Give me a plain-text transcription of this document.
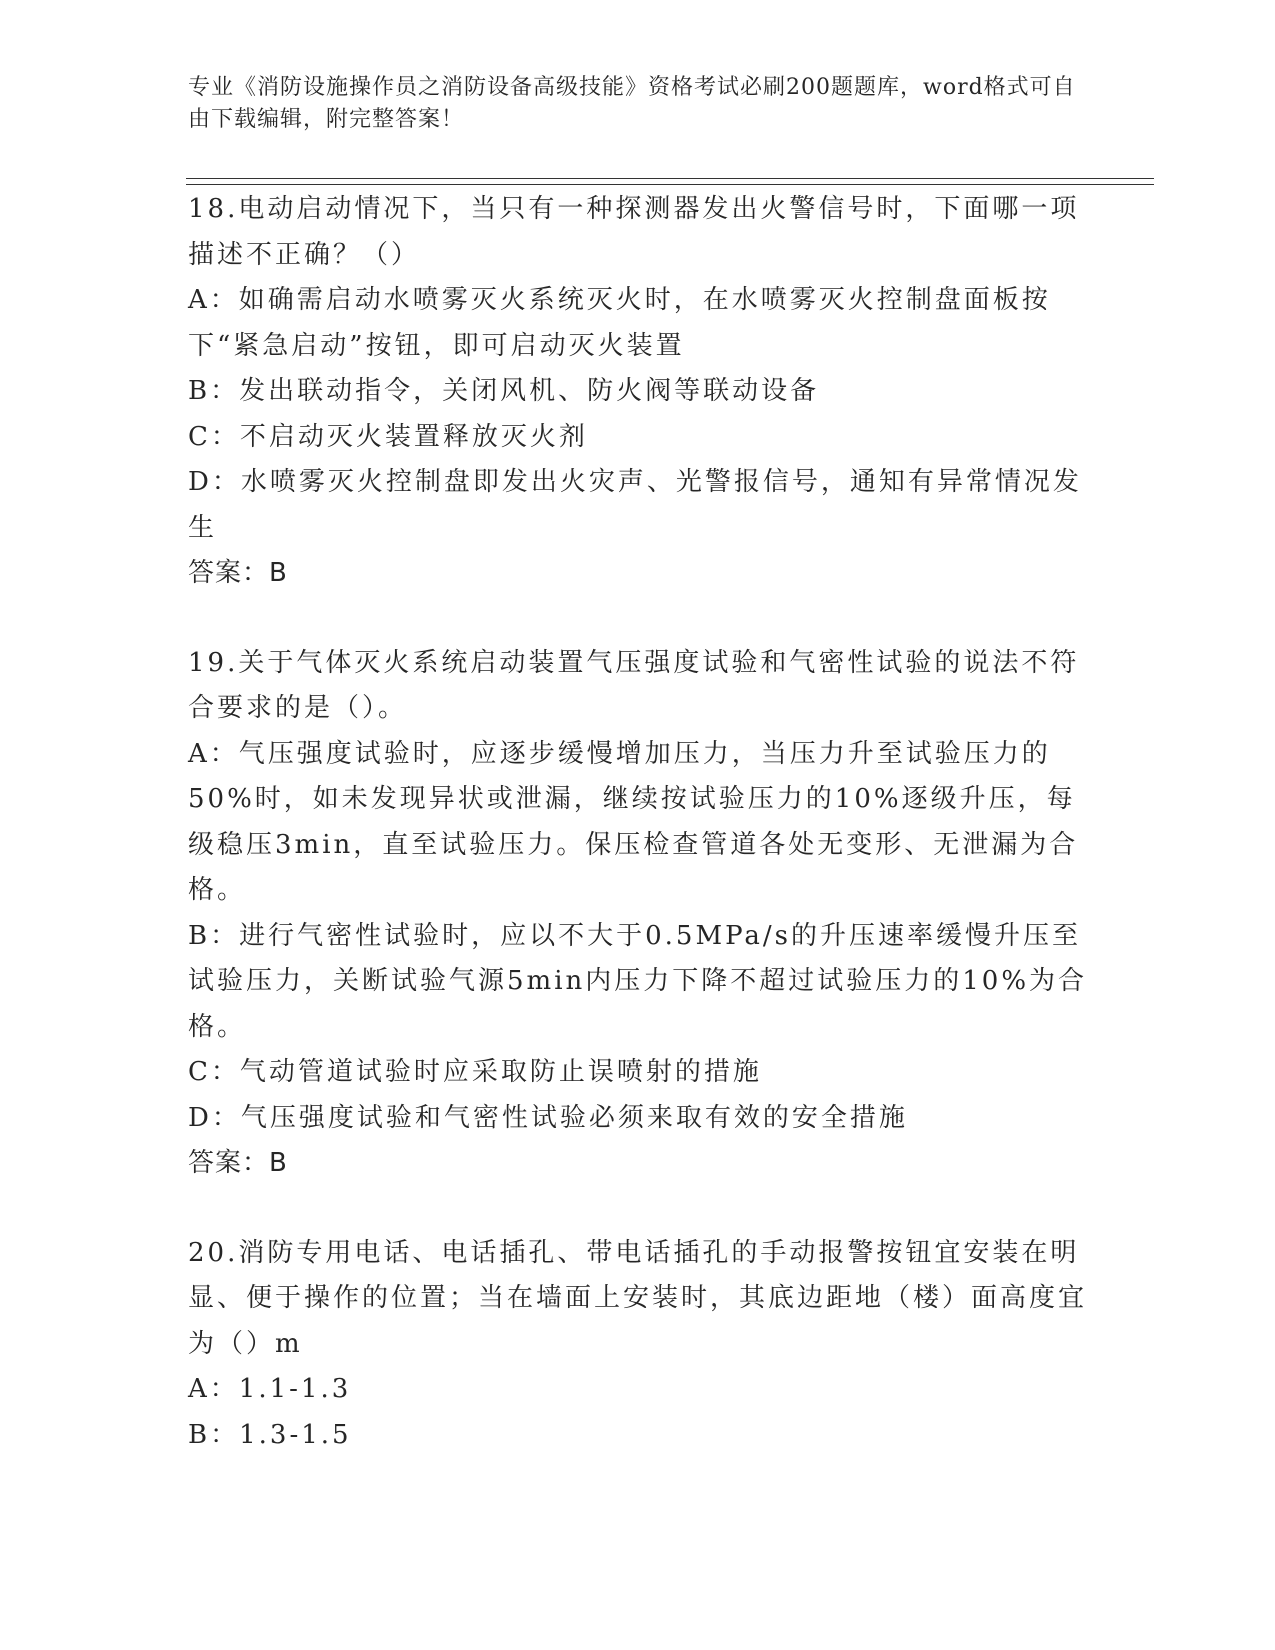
专业《消防设施操作员之消防设备高级技能》资格考试必刷200题题库，word格式可自由下载编辑，附完整答案！

18.电动启动情况下，当只有一种探测器发出火警信号时，下面哪一项描述不正确？（）

A：如确需启动水喷雾灭火系统灭火时，在水喷雾灭火控制盘面板按下“紧急启动”按钮，即可启动灭火装置

B：发出联动指令，关闭风机、防火阀等联动设备

C：不启动灭火装置释放灭火剂

D：水喷雾灭火控制盘即发出火灾声、光警报信号，通知有异常情况发生

答案：B

19.关于气体灭火系统启动装置气压强度试验和气密性试验的说法不符合要求的是（）。

A：气压强度试验时，应逐步缓慢增加压力，当压力升至试验压力的50%时，如未发现异状或泄漏，继续按试验压力的10%逐级升压，每级稳压3min，直至试验压力。保压检查管道各处无变形、无泄漏为合格。

B：进行气密性试验时，应以不大于0.5MPa/s的升压速率缓慢升压至试验压力，关断试验气源5min内压力下降不超过试验压力的10%为合格。

C：气动管道试验时应采取防止误喷射的措施

D：气压强度试验和气密性试验必须来取有效的安全措施

答案：B

20.消防专用电话、电话插孔、带电话插孔的手动报警按钮宜安装在明显、便于操作的位置；当在墙面上安装时，其底边距地（楼）面高度宜为（）m

A：1.1-1.3

B：1.3-1.5
